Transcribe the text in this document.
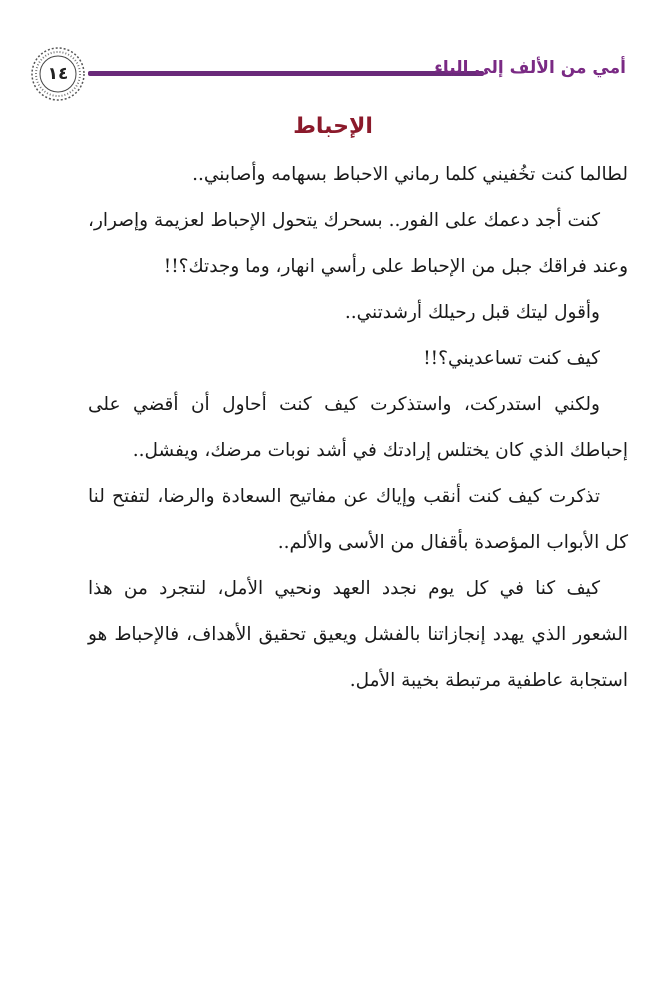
١٤	أمي من الألف إلى الياء
الإحباط

لطالما كنت تخُفيني كلما رماني الاحباط بسهامه وأصابني..

كنت أجد دعمك على الفور.. بسحرك يتحول الإحباط لعزيمة وإصرار، وعند فراقك جبل من الإحباط على رأسي انهار، وما وجدتك؟!!

وأقول ليتك قبل رحيلك أرشدتني..

كيف كنت تساعديني؟!!

ولكني استدركت، واستذكرت كيف كنت أحاول أن أقضي على إحباطك الذي كان يختلس إرادتك في أشد نوبات مرضك، ويفشل..

تذكرت كيف كنت أنقب وإياك عن مفاتيح السعادة والرضا، لتفتح لنا كل الأبواب المؤصدة بأقفال من الأسى والألم..

كيف كنا في كل يوم نجدد العهد ونحيي الأمل، لنتجرد من هذا الشعور الذي يهدد إنجازاتنا بالفشل ويعيق تحقيق الأهداف، فالإحباط هو استجابة عاطفية مرتبطة بخيبة الأمل.
